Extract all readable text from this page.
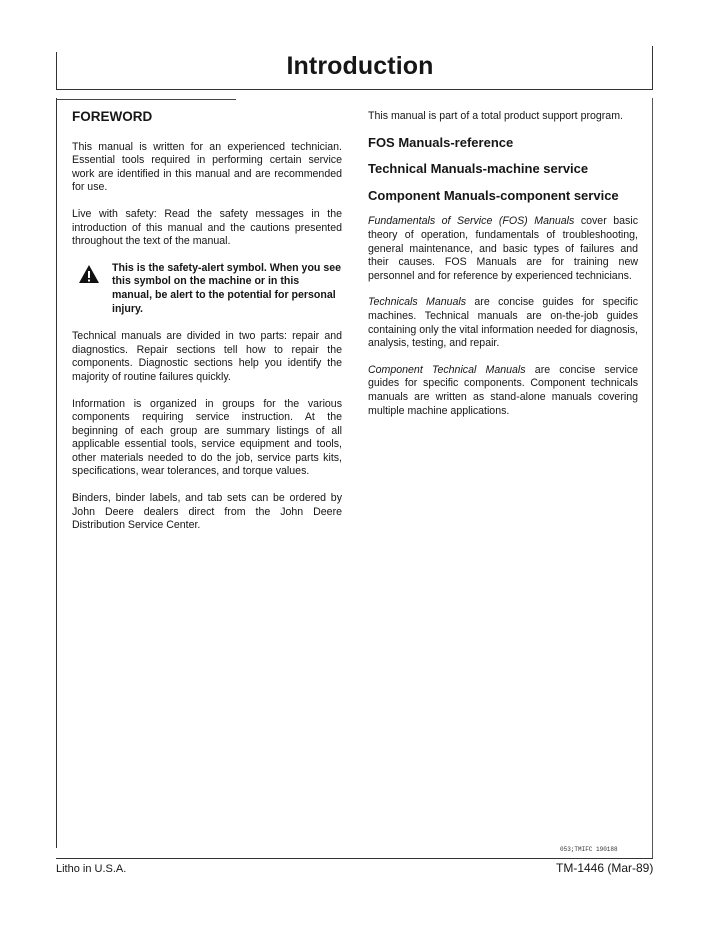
Introduction
FOREWORD

This manual is written for an experienced technician. Essential tools required in performing certain service work are identified in this manual and are recommended for use.

Live with safety: Read the safety messages in the introduction of this manual and the cautions presented throughout the text of the manual.

This is the safety-alert symbol. When you see this symbol on the machine or in this manual, be alert to the potential for personal injury.

Technical manuals are divided in two parts: repair and diagnostics. Repair sections tell how to repair the components. Diagnostic sections help you identify the majority of routine failures quickly.

Information is organized in groups for the various components requiring service instruction. At the beginning of each group are summary listings of all applicable essential tools, service equipment and tools, other materials needed to do the job, service parts kits, specifications, wear tolerances, and torque values.

Binders, binder labels, and tab sets can be ordered by John Deere dealers direct from the John Deere Distribution Service Center.

This manual is part of a total product support program.

FOS Manuals-reference
Technical Manuals-machine service
Component Manuals-component service

Fundamentals of Service (FOS) Manuals cover basic theory of operation, fundamentals of troubleshooting, general maintenance, and basic types of failures and their causes. FOS Manuals are for training new personnel and for reference by experienced technicians.

Technicals Manuals are concise guides for specific machines. Technical manuals are on-the-job guides containing only the vital information needed for diagnosis, analysis, testing, and repair.

Component Technical Manuals are concise service guides for specific components. Component technicals manuals are written as stand-alone manuals covering multiple machine applications.

053;TMIFC 190188
Litho in U.S.A.	TM-1446 (Mar-89)
